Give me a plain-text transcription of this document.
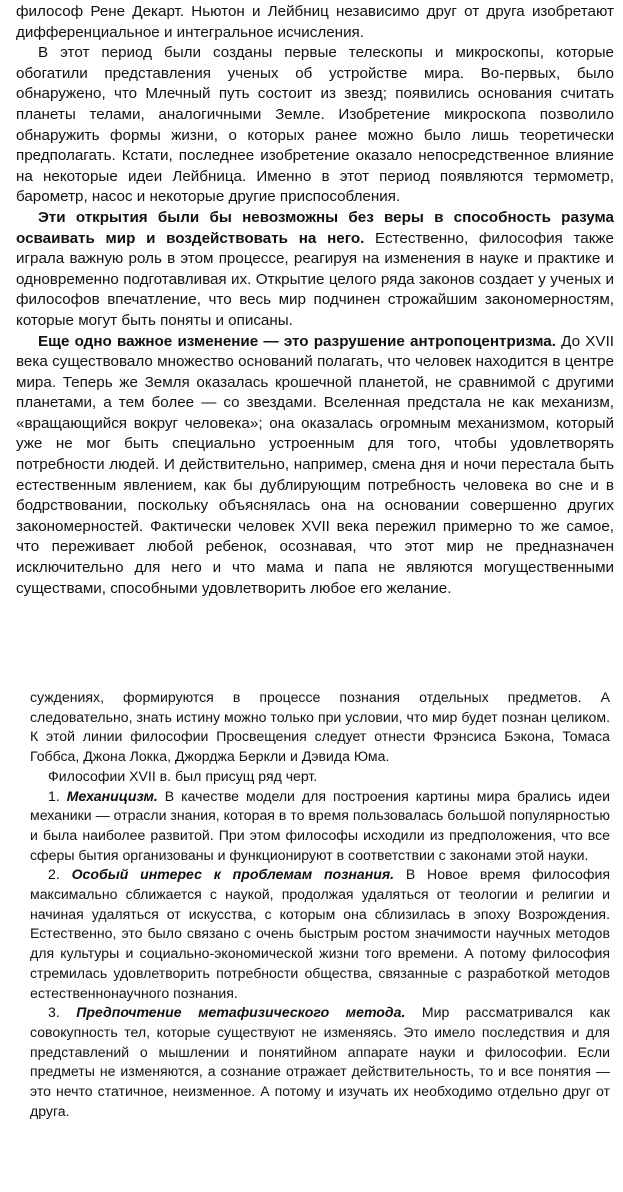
философ Рене Декарт. Ньютон и Лейбниц независимо друг от друга изобретают дифференциальное и интегральное исчисления.

В этот период были созданы первые телескопы и микроскопы, которые обогатили представления ученых об устройстве мира. Во-первых, было обнаружено, что Млечный путь состоит из звезд; появились основания считать планеты телами, аналогичными Земле. Изобретение микроскопа позволило обнаружить формы жизни, о которых ранее можно было лишь теоретически предполагать. Кстати, последнее изобретение оказало непосредственное влияние на некоторые идеи Лейбница. Именно в этот период появляются термометр, барометр, насос и некоторые другие приспособления.

Эти открытия были бы невозможны без веры в способность разума осваивать мир и воздействовать на него. Естественно, философия также играла важную роль в этом процессе, реагируя на изменения в науке и практике и одновременно подготавливая их. Открытие целого ряда законов создает у ученых и философов впечатление, что весь мир подчинен строжайшим закономерностям, которые могут быть поняты и описаны.

Еще одно важное изменение — это разрушение антропоцентризма. До XVII века существовало множество оснований полагать, что человек находится в центре мира. Теперь же Земля оказалась крошечной планетой, не сравнимой с другими планетами, а тем более — со звездами. Вселенная предстала не как механизм, «вращающийся вокруг человека»; она оказалась огромным механизмом, который уже не мог быть специально устроенным для того, чтобы удовлетворять потребности людей. И действительно, например, смена дня и ночи перестала быть естественным явлением, как бы дублирующим потребность человека во сне и в бодрствовании, поскольку объяснялась она на основании совершенно других закономерностей. Фактически человек XVII века пережил примерно то же самое, что переживает любой ребенок, осознавая, что этот мир не предназначен исключительно для него и что мама и папа не являются могущественными существами, способными удовлетворить любое его желание.

суждениях, формируются в процессе познания отдельных предметов. А следовательно, знать истину можно только при условии, что мир будет познан целиком. К этой линии философии Просвещения следует отнести Фрэнсиса Бэкона, Томаса Гоббса, Джона Локка, Джорджа Беркли и Дэвида Юма.

Философии XVII в. был присущ ряд черт.

1. Механицизм. В качестве модели для построения картины мира брались идеи механики — отрасли знания, которая в то время пользовалась большой популярностью и была наиболее развитой. При этом философы исходили из предположения, что все сферы бытия организованы и функционируют в соответствии с законами этой науки.

2. Особый интерес к проблемам познания. В Новое время философия максимально сближается с наукой, продолжая удаляться от теологии и религии и начиная удаляться от искусства, с которым она сблизилась в эпоху Возрождения. Естественно, это было связано с очень быстрым ростом значимости научных методов для культуры и социально-экономической жизни того времени. А потому философия стремилась удовлетворить потребности общества, связанные с разработкой методов естественнонаучного познания.

3. Предпочтение метафизического метода. Мир рассматривался как совокупность тел, которые существуют не изменяясь. Это имело последствия и для представлений о мышлении и понятийном аппарате науки и философии. Если предметы не изменяются, а сознание отражает действительность, то и все понятия — это нечто статичное, неизменное. А потому и изучать их необходимо отдельно друг от друга.
